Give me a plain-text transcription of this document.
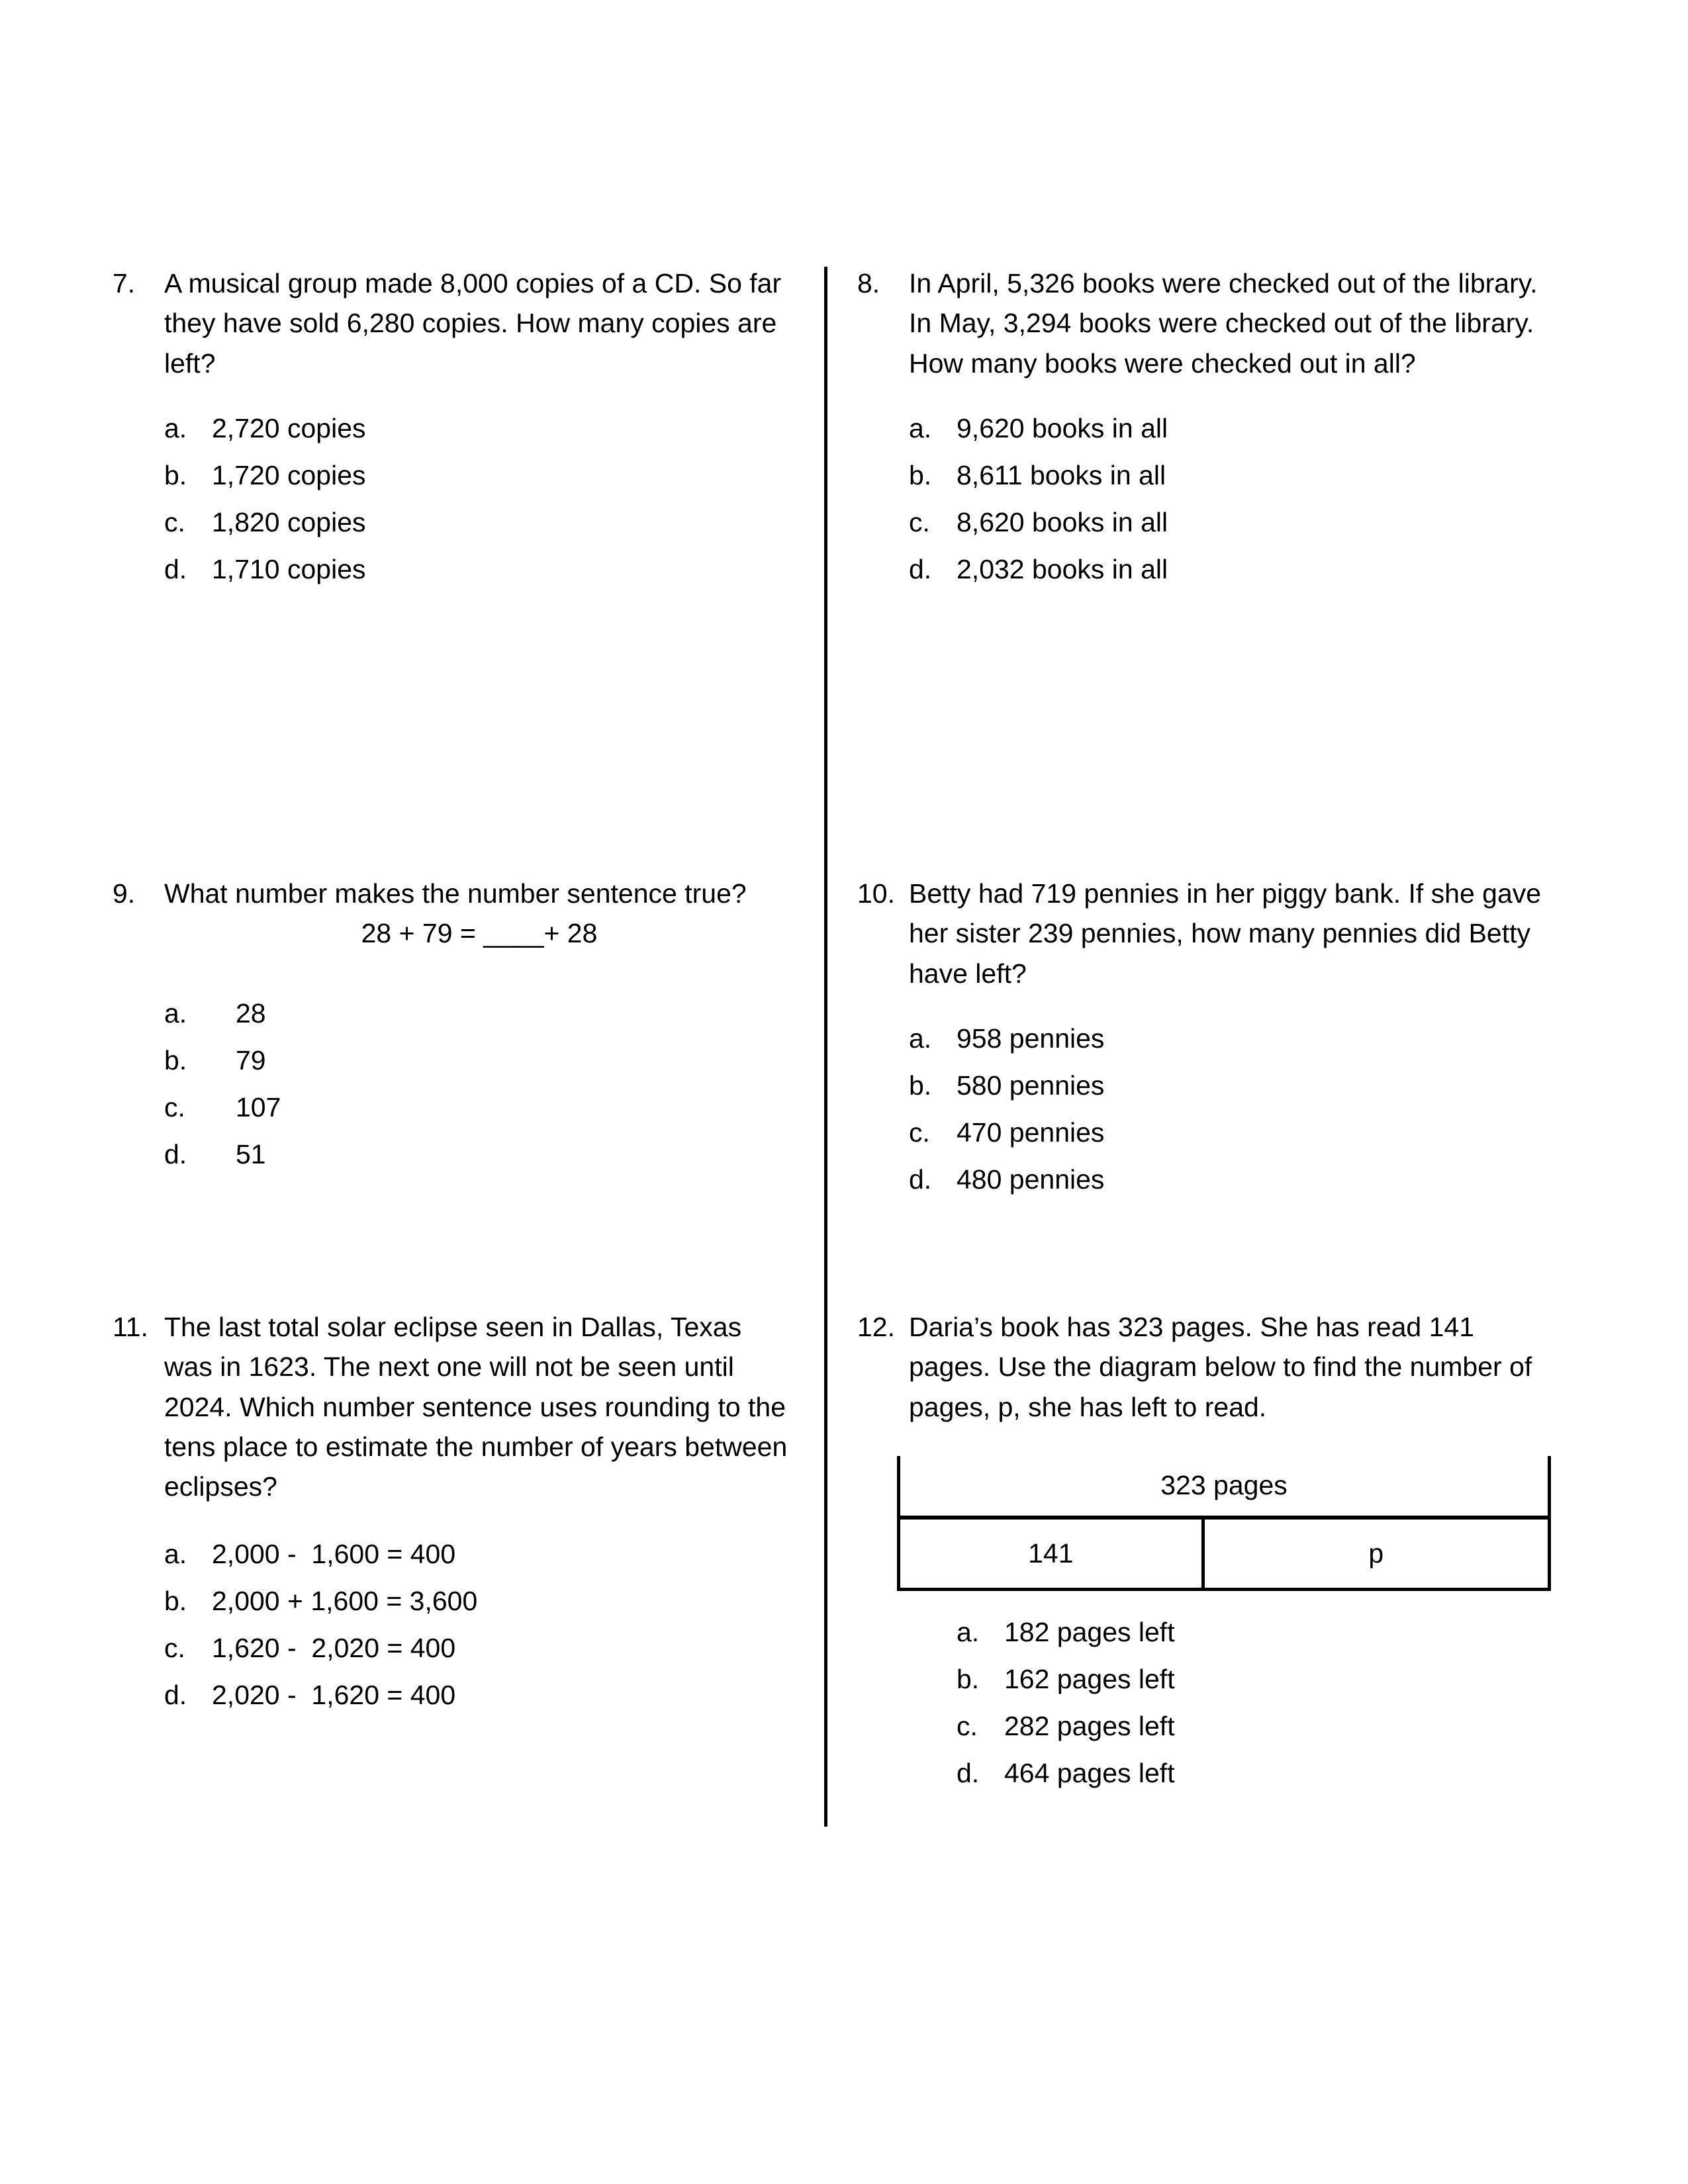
7.	A musical group made 8,000 copies of a CD. So far they have sold 6,280 copies. How many copies are left?
a. 2,720 copies
b. 1,720 copies
c. 1,820 copies
d. 1,710 copies
8.	In April, 5,326 books were checked out of the library. In May, 3,294 books were checked out of the library. How many books were checked out in all?
a. 9,620 books in all
b. 8,611 books in all
c. 8,620 books in all
d. 2,032 books in all
9.	What number makes the number sentence true?
28 + 79 = ____+ 28
a.	28
b.	79
c.	107
d.	51
10. Betty had 719 pennies in her piggy bank. If she gave her sister 239 pennies, how many pennies did Betty have left?
a. 958 pennies
b. 580 pennies
c. 470 pennies
d. 480 pennies
11. The last total solar eclipse seen in Dallas, Texas was in 1623. The next one will not be seen until 2024. Which number sentence uses rounding to the tens place to estimate the number of years between eclipses?
a. 2,000 -  1,600 = 400
b. 2,000 + 1,600 = 3,600
c. 1,620 -  2,020 = 400
d. 2,020 -  1,620 = 400
12. Daria’s book has 323 pages. She has read 141 pages. Use the diagram below to find the number of pages, p, she has left to read.
323 pages
141	p
a. 182 pages left
b. 162 pages left
c. 282 pages left
d. 464 pages left
